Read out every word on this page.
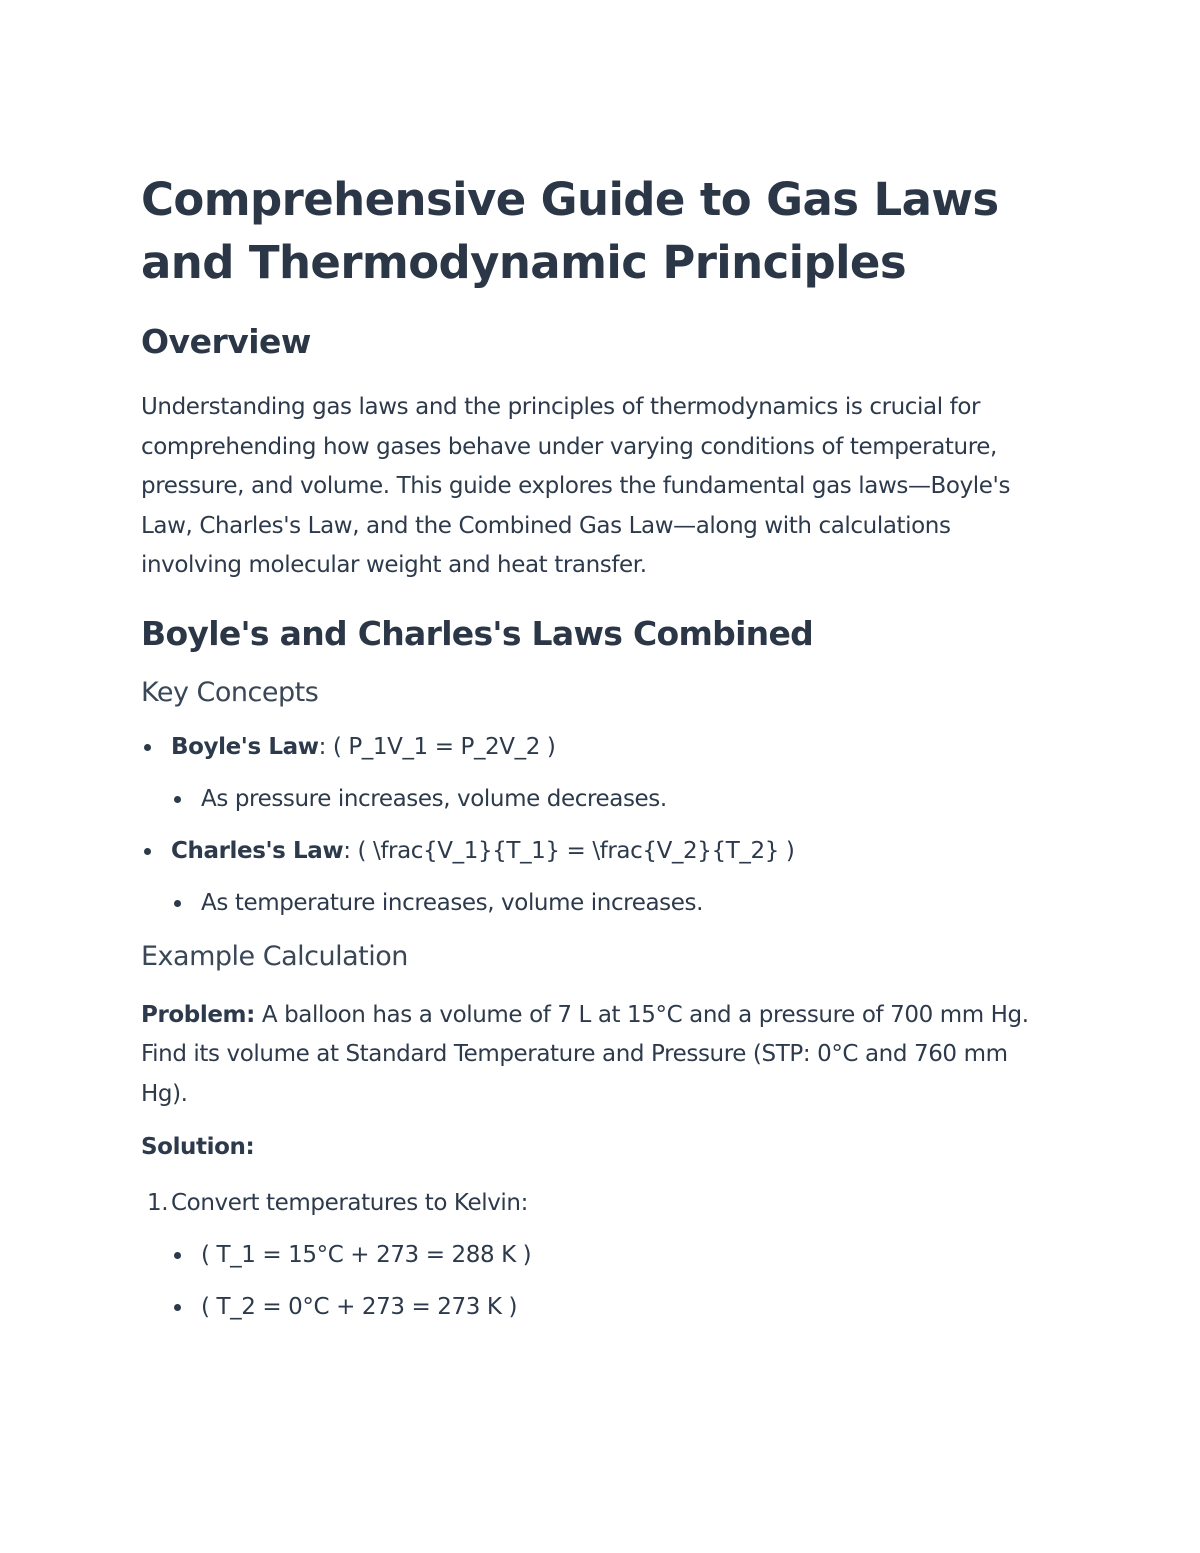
Comprehensive Guide to Gas Laws and Thermodynamic Principles
Overview

Understanding gas laws and the principles of thermodynamics is crucial for comprehending how gases behave under varying conditions of temperature, pressure, and volume. This guide explores the fundamental gas laws—Boyle's Law, Charles's Law, and the Combined Gas Law—along with calculations involving molecular weight and heat transfer.

Boyle's and Charles's Laws Combined
Key Concepts
Boyle's Law: ( P_1V_1 = P_2V_2 )
As pressure increases, volume decreases.
Charles's Law: ( \frac{V_1}{T_1} = \frac{V_2}{T_2} )
As temperature increases, volume increases.
Example Calculation

Problem: A balloon has a volume of 7 L at 15°C and a pressure of 700 mm Hg. Find its volume at Standard Temperature and Pressure (STP: 0°C and 760 mm Hg).

Solution:

1. Convert temperatures to Kelvin:
( T_1 = 15°C + 273 = 288 K )
( T_2 = 0°C + 273 = 273 K )
